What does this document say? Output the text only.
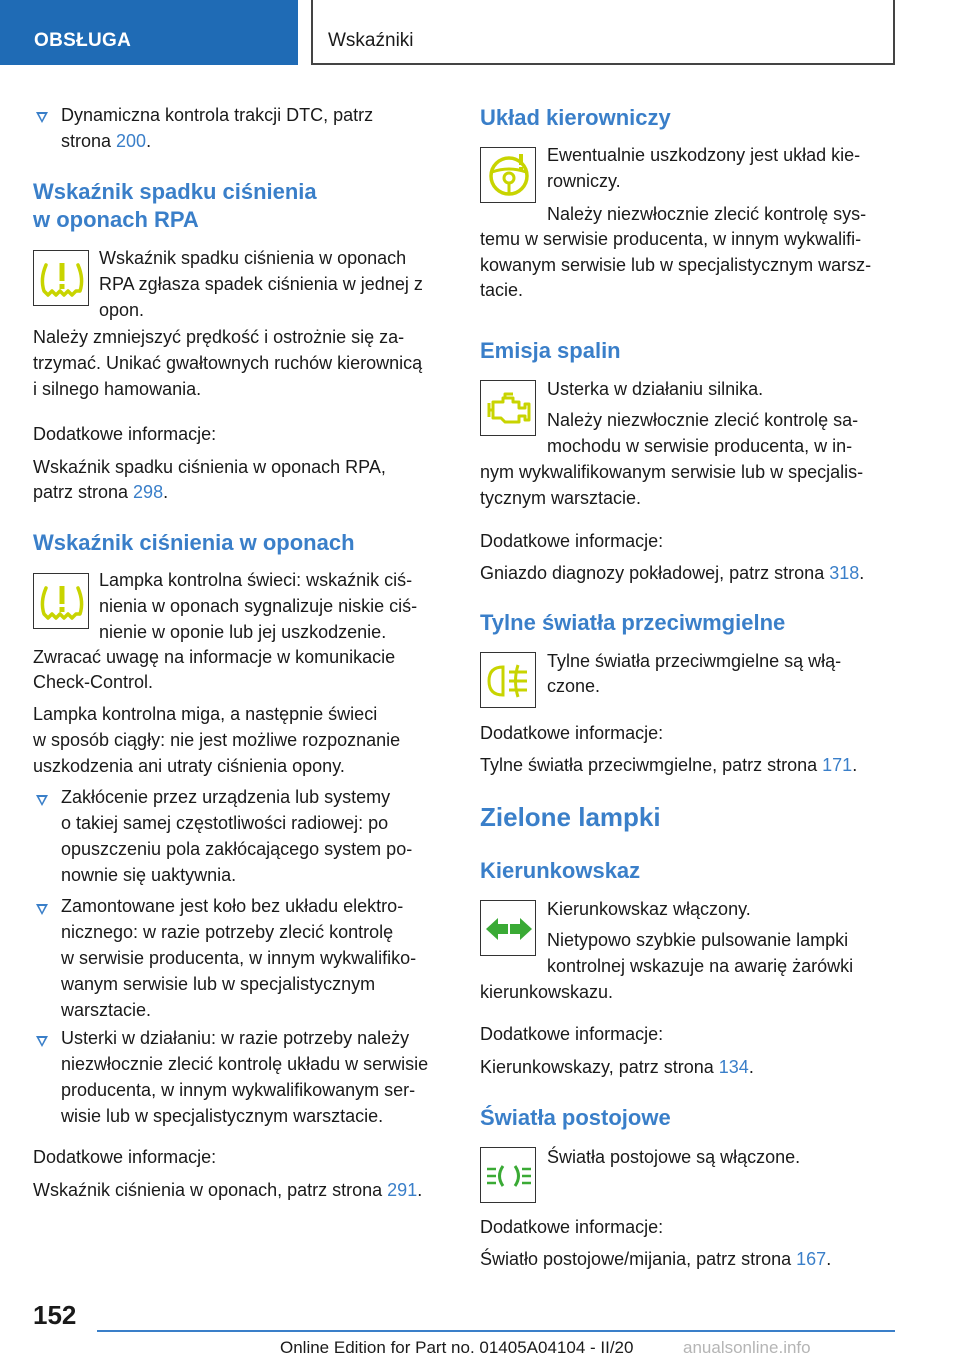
OBSŁUGA	Wskaźniki
Dynamiczna kontrola trakcji DTC, patrz
strona 200.
Wskaźnik spadku ciśnienia
w oponach RPA
Wskaźnik spadku ciśnienia w oponach
RPA zgłasza spadek ciśnienia w jednej z
opon.
Należy zmniejszyć prędkość i ostrożnie się za-
trzymać. Unikać gwałtownych ruchów kierownicą
i silnego hamowania.
Dodatkowe informacje:
Wskaźnik spadku ciśnienia w oponach RPA,
patrz strona 298.
Wskaźnik ciśnienia w oponach
Lampka kontrolna świeci: wskaźnik ciś-
nienia w oponach sygnalizuje niskie ciś-
nienie w oponie lub jej uszkodzenie.
Zwracać uwagę na informacje w komunikacie
Check-Control.
Lampka kontrolna miga, a następnie świeci
w sposób ciągły: nie jest możliwe rozpoznanie
uszkodzenia ani utraty ciśnienia opony.
Zakłócenie przez urządzenia lub systemy
o takiej samej częstotliwości radiowej: po
opuszczeniu pola zakłócającego system po-
nownie się uaktywnia.
Zamontowane jest koło bez układu elektro-
nicznego: w razie potrzeby zlecić kontrolę
w serwisie producenta, w innym wykwalifiko-
wanym serwisie lub w specjalistycznym
warsztacie.
Usterki w działaniu: w razie potrzeby należy
niezwłocznie zlecić kontrolę układu w serwisie
producenta, w innym wykwalifikowanym ser-
wisie lub w specjalistycznym warsztacie.
Dodatkowe informacje:
Wskaźnik ciśnienia w oponach, patrz strona 291.
Układ kierowniczy
Ewentualnie uszkodzony jest układ kie-
rowniczy.
Należy niezwłocznie zlecić kontrolę sys-
temu w serwisie producenta, w innym wykwalifi-
kowanym serwisie lub w specjalistycznym warsz-
tacie.
Emisja spalin
Usterka w działaniu silnika.
Należy niezwłocznie zlecić kontrolę sa-
mochodu w serwisie producenta, w in-
nym wykwalifikowanym serwisie lub w specjalis-
tycznym warsztacie.
Dodatkowe informacje:
Gniazdo diagnozy pokładowej, patrz strona 318.
Tylne światła przeciwmgielne
Tylne światła przeciwmgielne są włą-
czone.
Dodatkowe informacje:
Tylne światła przeciwmgielne, patrz strona 171.
Zielone lampki
Kierunkowskaz
Kierunkowskaz włączony.
Nietypowo szybkie pulsowanie lampki
kontrolnej wskazuje na awarię żarówki
kierunkowskazu.
Dodatkowe informacje:
Kierunkowskazy, patrz strona 134.
Światła postojowe
Światła postojowe są włączone.
Dodatkowe informacje:
Światło postojowe/mijania, patrz strona 167.
152
Online Edition for Part no. 01405A04104 - II/20	anualsonline.info
